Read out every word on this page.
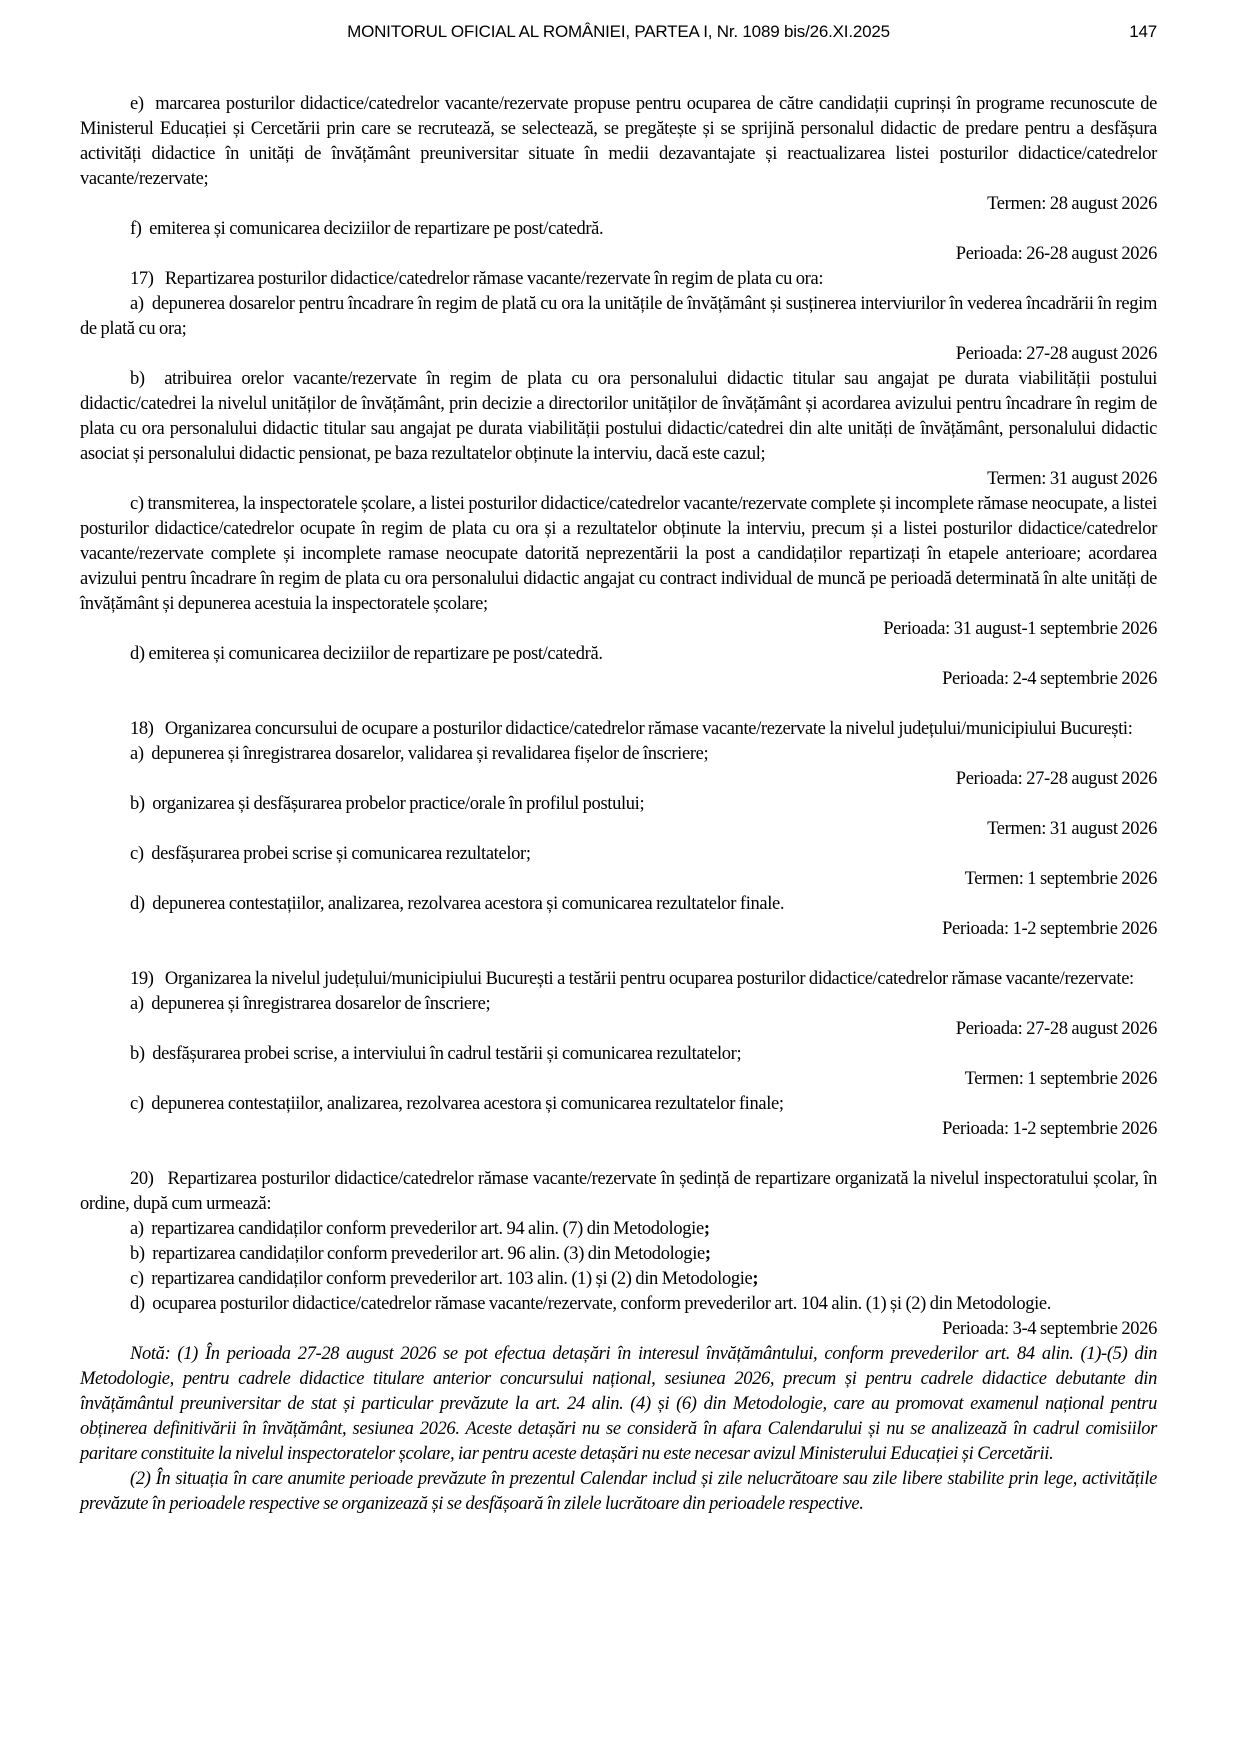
MONITORUL OFICIAL AL ROMÂNIEI, PARTEA I, Nr. 1089 bis/26.XI.2025	147
e)  marcarea posturilor didactice/catedrelor vacante/rezervate propuse pentru ocuparea de către candidații cuprinși în programe recunoscute de Ministerul Educației și Cercetării prin care se recrutează, se selectează, se pregătește și se sprijină personalul didactic de predare pentru a desfășura activități didactice în unități de învățământ preuniversitar situate în medii dezavantajate și reactualizarea listei posturilor didactice/catedrelor vacante/rezervate;
Termen: 28 august 2026
f)  emiterea și comunicarea deciziilor de repartizare pe post/catedră.
Perioada: 26-28 august 2026
17)   Repartizarea posturilor didactice/catedrelor rămase vacante/rezervate în regim de plata cu ora:
a)  depunerea dosarelor pentru încadrare în regim de plată cu ora la unitățile de învățământ și susținerea interviurilor în vederea încadrării în regim de plată cu ora;
Perioada: 27-28 august 2026
b)  atribuirea orelor vacante/rezervate în regim de plata cu ora personalului didactic titular sau angajat pe durata viabilității postului didactic/catedrei la nivelul unităților de învățământ, prin decizie a directorilor unităților de învățământ și acordarea avizului pentru încadrare în regim de plata cu ora personalului didactic titular sau angajat pe durata viabilității postului didactic/catedrei din alte unități de învățământ, personalului didactic asociat și personalului didactic pensionat, pe baza rezultatelor obținute la interviu, dacă este cazul;
Termen: 31 august 2026
c) transmiterea, la inspectoratele școlare, a listei posturilor didactice/catedrelor vacante/rezervate complete și incomplete rămase neocupate, a listei posturilor didactice/catedrelor ocupate în regim de plata cu ora și a rezultatelor obținute la interviu, precum și a listei posturilor didactice/catedrelor vacante/rezervate complete și incomplete ramase neocupate datorită neprezentării la post a candidaților repartizați în etapele anterioare; acordarea avizului pentru încadrare în regim de plata cu ora personalului didactic angajat cu contract individual de muncă pe perioadă determinată în alte unități de învățământ și depunerea acestuia la inspectoratele școlare;
Perioada: 31 august-1 septembrie 2026
d) emiterea și comunicarea deciziilor de repartizare pe post/catedră.
Perioada: 2-4 septembrie 2026
18)   Organizarea concursului de ocupare a posturilor didactice/catedrelor rămase vacante/rezervate la nivelul județului/municipiului București:
a)  depunerea și înregistrarea dosarelor, validarea și revalidarea fișelor de înscriere;
Perioada: 27-28 august 2026
b)  organizarea și desfășurarea probelor practice/orale în profilul postului;
Termen: 31 august 2026
c)  desfășurarea probei scrise și comunicarea rezultatelor;
Termen: 1 septembrie 2026
d)  depunerea contestațiilor, analizarea, rezolvarea acestora și comunicarea rezultatelor finale.
Perioada: 1-2 septembrie 2026
19)   Organizarea la nivelul județului/municipiului București a testării pentru ocuparea posturilor didactice/catedrelor rămase vacante/rezervate:
a)  depunerea și înregistrarea dosarelor de înscriere;
Perioada: 27-28 august 2026
b)  desfășurarea probei scrise, a interviului în cadrul testării și comunicarea rezultatelor;
Termen: 1 septembrie 2026
c)  depunerea contestațiilor, analizarea, rezolvarea acestora și comunicarea rezultatelor finale;
Perioada: 1-2 septembrie 2026
20)   Repartizarea posturilor didactice/catedrelor rămase vacante/rezervate în ședință de repartizare organizată la nivelul inspectoratului școlar, în ordine, după cum urmează:
a)  repartizarea candidaților conform prevederilor art. 94 alin. (7) din Metodologie;
b)  repartizarea candidaților conform prevederilor art. 96 alin. (3) din Metodologie;
c)  repartizarea candidaților conform prevederilor art. 103 alin. (1) și (2) din Metodologie;
d)  ocuparea posturilor didactice/catedrelor rămase vacante/rezervate, conform prevederilor art. 104 alin. (1) și (2) din Metodologie.
Perioada: 3-4 septembrie 2026
Notă: (1) În perioada 27-28 august 2026 se pot efectua detașări în interesul învățământului, conform prevederilor art. 84 alin. (1)-(5) din Metodologie, pentru cadrele didactice titulare anterior concursului național, sesiunea 2026, precum și pentru cadrele didactice debutante din învățământul preuniversitar de stat și particular prevăzute la art. 24 alin. (4) și (6) din Metodologie, care au promovat examenul național pentru obținerea definitivării în învățământ, sesiunea 2026. Aceste detașări nu se consideră în afara Calendarului și nu se analizează în cadrul comisiilor paritare constituite la nivelul inspectoratelor școlare, iar pentru aceste detașări nu este necesar avizul Ministerului Educației și Cercetării.
(2) În situația în care anumite perioade prevăzute în prezentul Calendar includ și zile nelucrătoare sau zile libere stabilite prin lege, activitățile prevăzute în perioadele respective se organizează și se desfășoară în zilele lucrătoare din perioadele respective.
